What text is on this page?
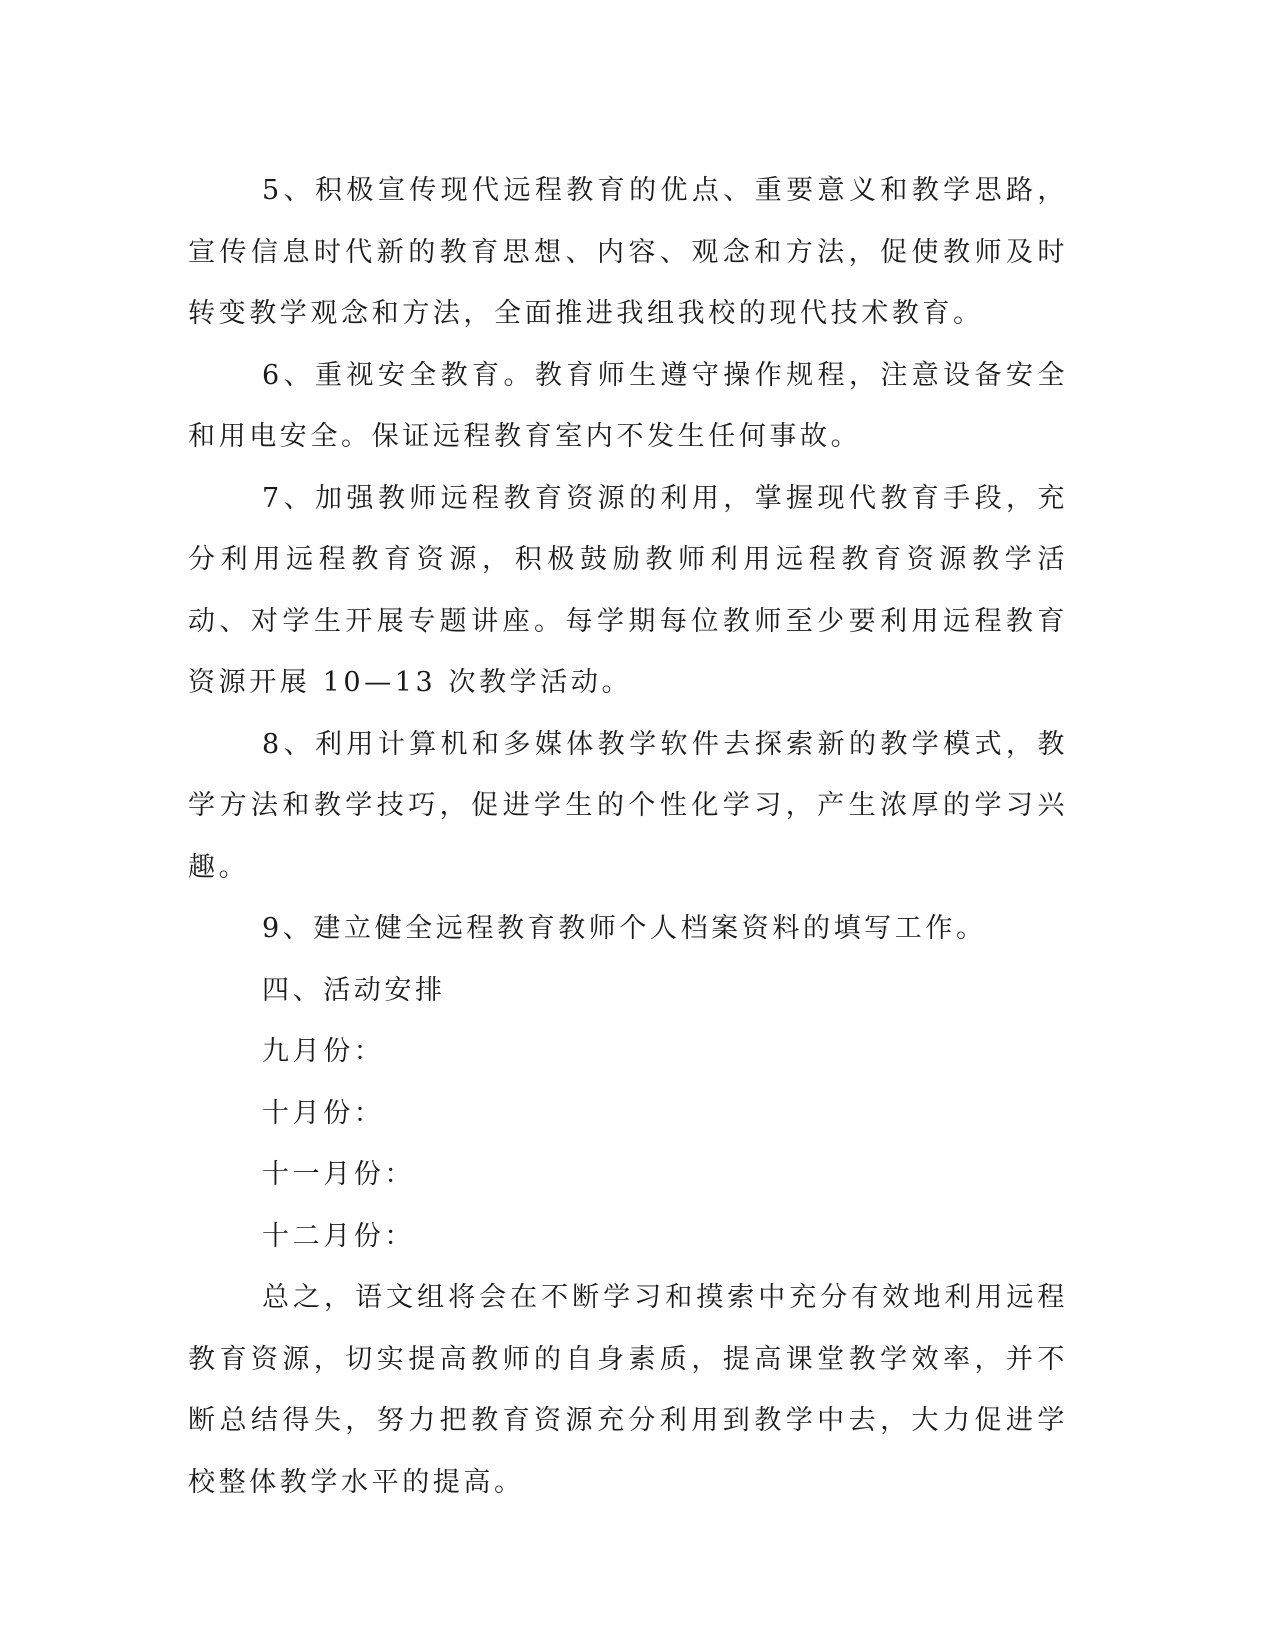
5、积极宣传现代远程教育的优点、重要意义和教学思路，宣传信息时代新的教育思想、内容、观念和方法，促使教师及时转变教学观念和方法，全面推进我组我校的现代技术教育。

6、重视安全教育。教育师生遵守操作规程，注意设备安全和用电安全。保证远程教育室内不发生任何事故。

7、加强教师远程教育资源的利用，掌握现代教育手段，充分利用远程教育资源，积极鼓励教师利用远程教育资源教学活动、对学生开展专题讲座。每学期每位教师至少要利用远程教育资源开展 10—13 次教学活动。

8、利用计算机和多媒体教学软件去探索新的教学模式，教学方法和教学技巧，促进学生的个性化学习，产生浓厚的学习兴趣。

9、建立健全远程教育教师个人档案资料的填写工作。

四、活动安排

九月份：

十月份：

十一月份：

十二月份：

总之，语文组将会在不断学习和摸索中充分有效地利用远程教育资源，切实提高教师的自身素质，提高课堂教学效率，并不断总结得失，努力把教育资源充分利用到教学中去，大力促进学校整体教学水平的提高。
